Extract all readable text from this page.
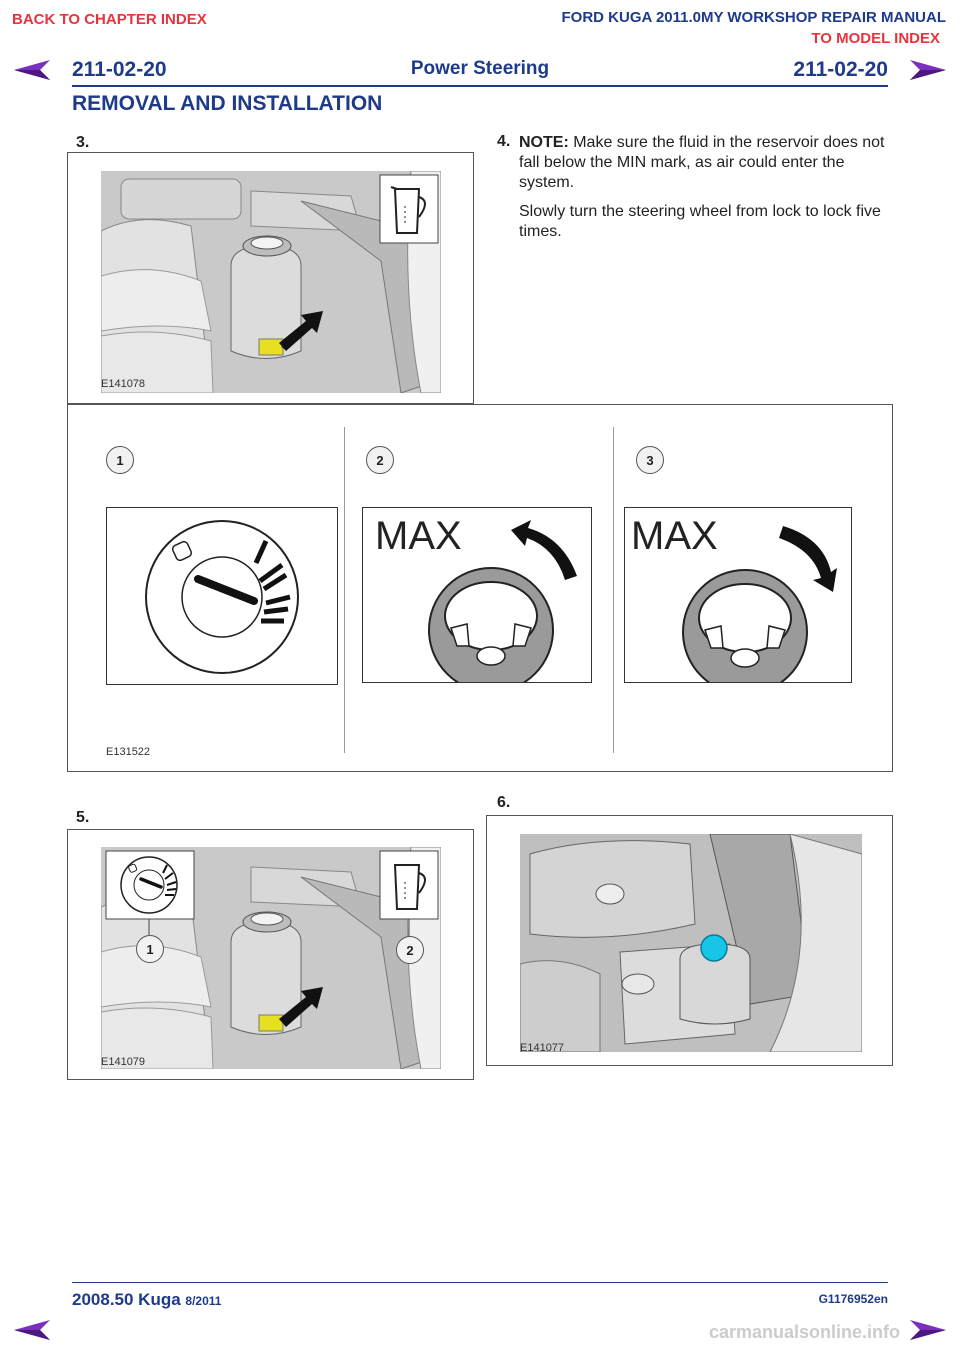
BACK TO CHAPTER INDEX	FORD KUGA 2011.0MY WORKSHOP REPAIR MANUAL
TO MODEL INDEX
211-02-20	Power Steering	211-02-20
REMOVAL AND INSTALLATION
3.
E141078
4. NOTE: Make sure the fluid in the reservoir does not fall below the MIN mark, as air could enter the system.
Slowly turn the steering wheel from lock to lock five times.
1	2	3
MAX	MAX
E131522
5.
1	2
E141079
6.
E141077
2008.50 Kuga 8/2011	G1176952en
carmanualsonline.info
